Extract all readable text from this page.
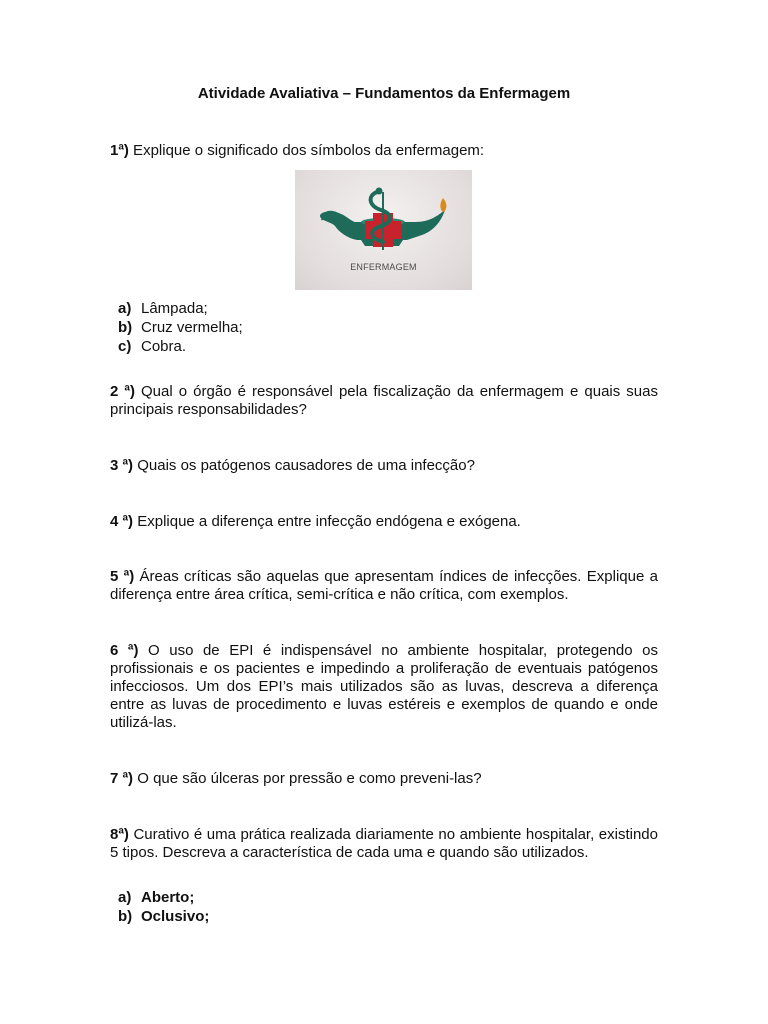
Atividade Avaliativa – Fundamentos da Enfermagem
1ª) Explique o significado dos símbolos da enfermagem:
ENFERMAGEM
a) Lâmpada;
b) Cruz vermelha;
c) Cobra.
2 ª) Qual o órgão é responsável pela fiscalização da enfermagem e quais suas principais responsabilidades?
3 ª) Quais os patógenos causadores de uma infecção?
4 ª) Explique a diferença entre infecção endógena e exógena.
5 ª) Áreas críticas são aquelas que apresentam índices de infecções. Explique a diferença entre área crítica, semi-crítica e não crítica, com exemplos.
6 ª) O uso de EPI é indispensável no ambiente hospitalar, protegendo os profissionais e os pacientes e impedindo a proliferação de eventuais patógenos infecciosos. Um dos EPI’s mais utilizados são as luvas, descreva a diferença entre as luvas de procedimento e luvas estéreis e exemplos de quando e onde utilizá-las.
7 ª) O que são úlceras por pressão e como preveni-las?
8ª) Curativo é uma prática realizada diariamente no ambiente hospitalar, existindo 5 tipos. Descreva a característica de cada uma e quando são utilizados.
a) Aberto;
b) Oclusivo;
